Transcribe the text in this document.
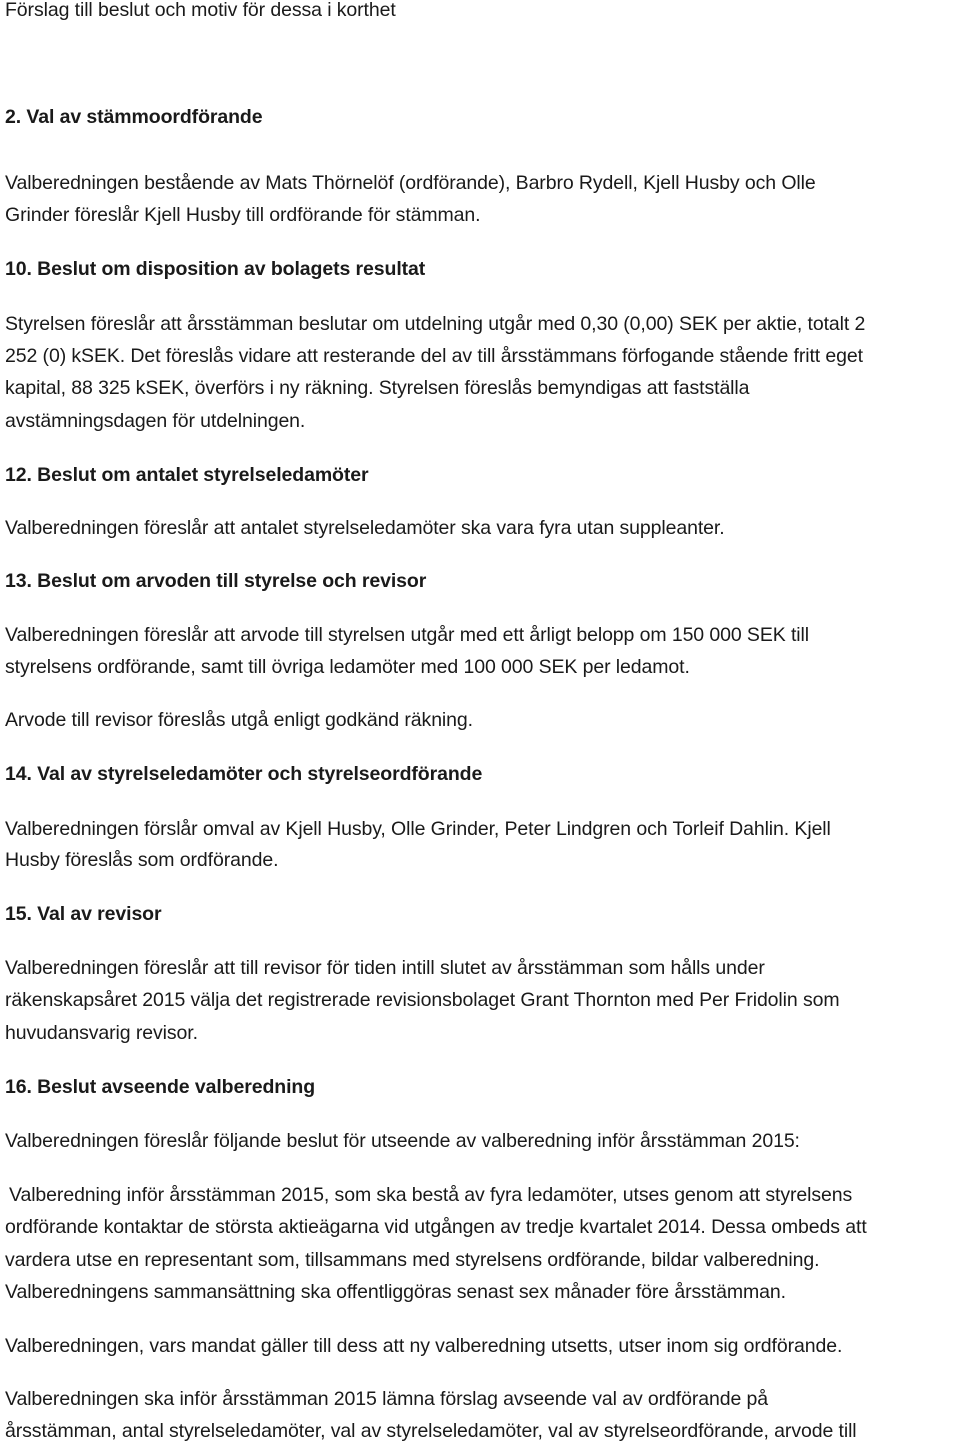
Förslag till beslut och motiv för dessa i korthet
2. Val av stämmoordförande
Valberedningen bestående av Mats Thörnelöf (ordförande), Barbro Rydell, Kjell Husby och Olle
Grinder föreslår Kjell Husby till ordförande för stämman.
10. Beslut om disposition av bolagets resultat
Styrelsen föreslår att årsstämman beslutar om utdelning utgår med 0,30 (0,00) SEK per aktie, totalt 2
252 (0) kSEK. Det föreslås vidare att resterande del av till årsstämmans förfogande stående fritt eget
kapital, 88 325 kSEK, överförs i ny räkning. Styrelsen föreslås bemyndigas att fastställa
avstämningsdagen för utdelningen.
12. Beslut om antalet styrelseledamöter
Valberedningen föreslår att antalet styrelseledamöter ska vara fyra utan suppleanter.
13. Beslut om arvoden till styrelse och revisor
Valberedningen föreslår att arvode till styrelsen utgår med ett årligt belopp om 150 000 SEK till
styrelsens ordförande, samt till övriga ledamöter med 100 000 SEK per ledamot.
Arvode till revisor föreslås utgå enligt godkänd räkning.
14. Val av styrelseledamöter och styrelseordförande
Valberedningen förslår omval av Kjell Husby, Olle Grinder, Peter Lindgren och Torleif Dahlin. Kjell
Husby föreslås som ordförande.
15. Val av revisor
Valberedningen föreslår att till revisor för tiden intill slutet av årsstämman som hålls under
räkenskapsåret 2015 välja det registrerade revisionsbolaget Grant Thornton med Per Fridolin som
huvudansvarig revisor.
16. Beslut avseende valberedning
Valberedningen föreslår följande beslut för utseende av valberedning inför årsstämman 2015:
Valberedning inför årsstämman 2015, som ska bestå av fyra ledamöter, utses genom att styrelsens
ordförande kontaktar de största aktieägarna vid utgången av tredje kvartalet 2014. Dessa ombeds att
vardera utse en representant som, tillsammans med styrelsens ordförande, bildar valberedning.
Valberedningens sammansättning ska offentliggöras senast sex månader före årsstämman.
Valberedningen, vars mandat gäller till dess att ny valberedning utsetts, utser inom sig ordförande.
Valberedningen ska inför årsstämman 2015 lämna förslag avseende val av ordförande på
årsstämman, antal styrelseledamöter, val av styrelseledamöter, val av styrelseordförande, arvode till
